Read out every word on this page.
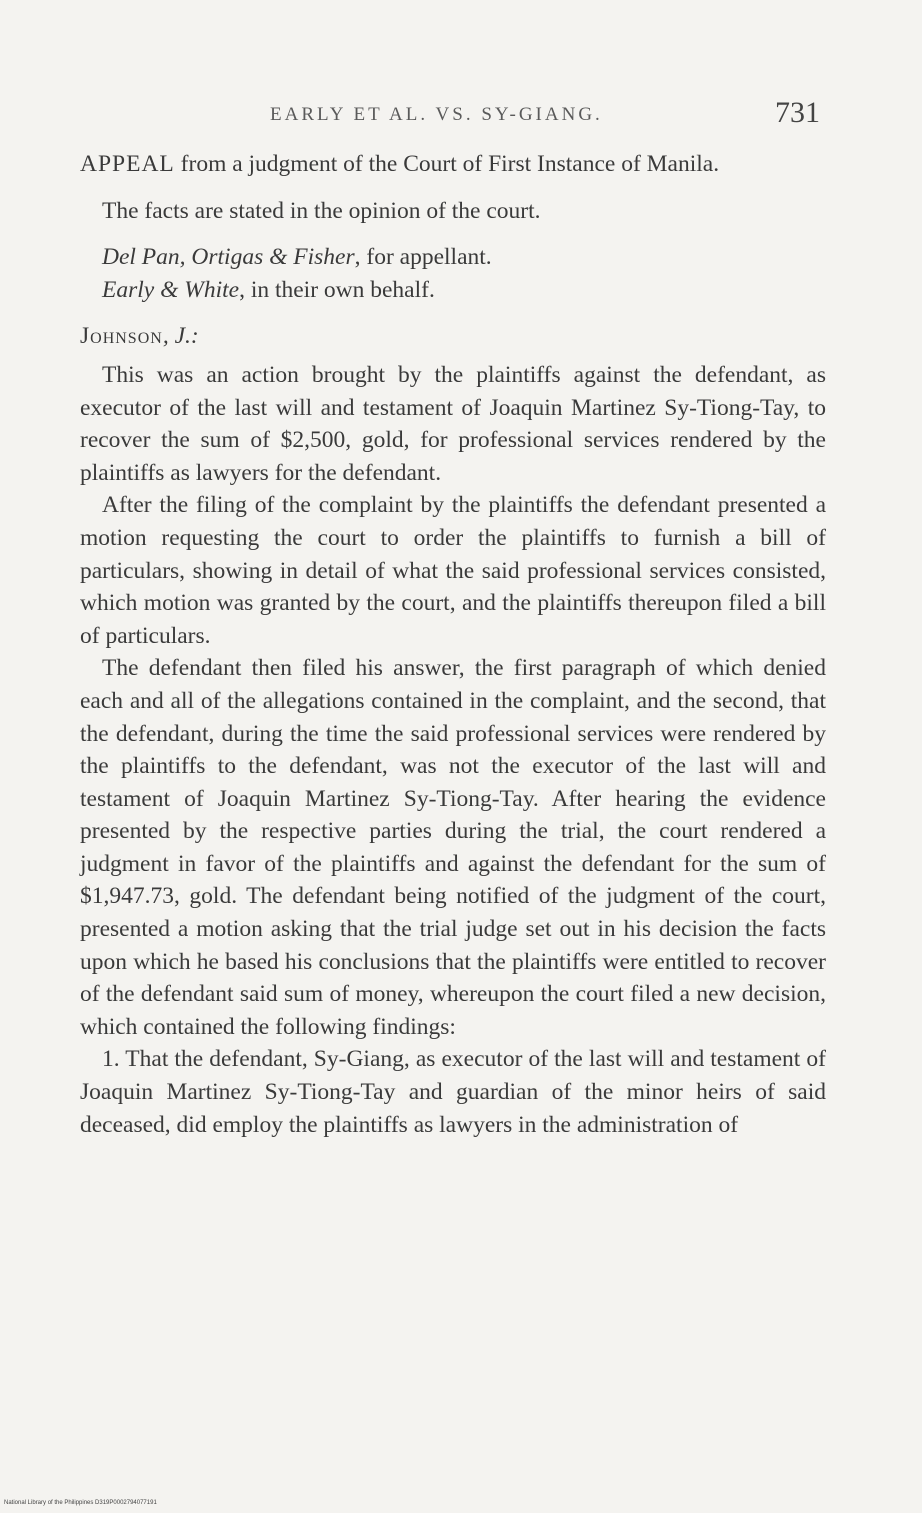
EARLY ET AL. VS. SY-GIANG.	731

APPEAL from a judgment of the Court of First Instance of Manila.

The facts are stated in the opinion of the court.

Del Pan, Ortigas & Fisher, for appellant.

Early & White, in their own behalf.

Johnson, J.:

This was an action brought by the plaintiffs against the defendant, as executor of the last will and testament of Joaquin Martinez Sy-Tiong-Tay, to recover the sum of $2,500, gold, for professional services rendered by the plaintiffs as lawyers for the defendant.

After the filing of the complaint by the plaintiffs the defendant presented a motion requesting the court to order the plaintiffs to furnish a bill of particulars, showing in detail of what the said professional services consisted, which motion was granted by the court, and the plaintiffs thereupon filed a bill of particulars.

The defendant then filed his answer, the first paragraph of which denied each and all of the allegations contained in the complaint, and the second, that the defendant, during the time the said professional services were rendered by the plaintiffs to the defendant, was not the executor of the last will and testament of Joaquin Martinez Sy-Tiong-Tay. After hearing the evidence presented by the respective parties during the trial, the court rendered a judgment in favor of the plaintiffs and against the defendant for the sum of $1,947.73, gold. The defendant being notified of the judgment of the court, presented a motion asking that the trial judge set out in his decision the facts upon which he based his conclusions that the plaintiffs were entitled to recover of the defendant said sum of money, whereupon the court filed a new decision, which contained the following findings:

1. That the defendant, Sy-Giang, as executor of the last will and testament of Joaquin Martinez Sy-Tiong-Tay and guardian of the minor heirs of said deceased, did employ the plaintiffs as lawyers in the administration of

National Library of the Philippines D319P0002794077191
